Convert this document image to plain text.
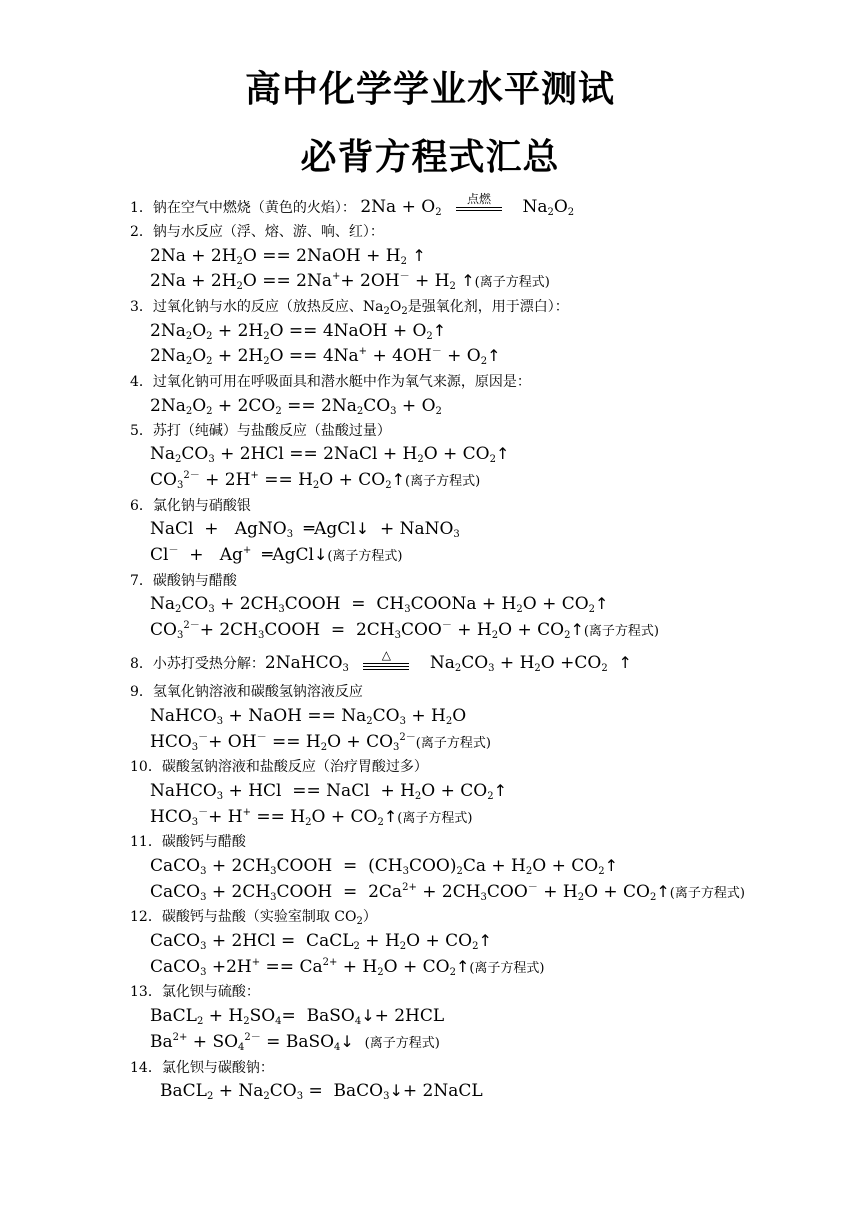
高中化学学业水平测试
必背方程式汇总
1．钠在空气中燃烧（黄色的火焰）： $2Na + O_2$
点燃	$Na_2O_2$
2．钠与水反应（浮、熔、游、响、红）：
$2Na + 2H_2O$ == 2NaOH + $H_2$ ↑
$2Na + 2H_2O == 2Na^++ 2OH^- + H_2$ ↑(离子方程式)
3．过氧化钠与水的反应（放热反应、$Na_2O_2$是强氧化剂，用于漂白）：
$2Na_2O_2 + 2H_2O$ == 4NaOH + $O_2↑$
$2Na_2O_2 + 2H_2O == 4Na^+ + 4OH^-$ + $O_2↑$
4．过氧化钠可用在呼吸面具和潜水艇中作为氧气来源，原因是：
$2Na_2O_2 + 2CO_2 == 2Na_2CO_3 + O_2$
5．苏打（纯碱）与盐酸反应（盐酸过量）
$Na_2CO_3 + 2HCl$ == 2NaCl + $H_2O$ + $CO_2↑$
$CO_3^{2-} + 2H^+ == H_2O$ + $CO_2↑$(离子方程式)
6．氯化钠与硝酸银
NaCl  +   AgNO$_3$  ═AgCl↓  + NaNO$_3$
Cl－  +   Ag+  ═AgCl↓(离子方程式)
7．碳酸钠与醋酸
$Na_2CO_3$ + $2CH_3COOH$  =  $CH_3COONa + H_2O$ + $CO_2↑$
$CO_3^{2-}+$ $2CH_3COOH = 2CH_3COO^- + H_2O$ + $CO_2↑$(离子方程式)
8．小苏打受热分解：2NaHCO$_3$
△	$Na_2CO_3 + H_2O +CO_2$ ↑
9．氢氧化钠溶液和碳酸氢钠溶液反应
NaHCO$_3$ + NaOH == $Na_2CO_3 + H_2O$
$HCO_3^-+ OH^- == H_2O + CO_3^{2-}$(离子方程式)
10．碳酸氢钠溶液和盐酸反应（治疗胃酸过多）
NaHCO$_3$ + HCl  == NaCl  + $H_2O$ + $CO_2↑$
$HCO_3^-+ H^+ == H_2O$ + $CO_2↑$(离子方程式)
11．碳酸钙与醋酸
CaCO$_3$ + $2CH_3COOH = (CH_3COO)_2Ca + H_2O$ + $CO_2↑$
CaCO$_3$ + $2CH_3COOH = 2Ca^{2+} + 2CH_3COO^- + H_2O$ + $CO_2↑$(离子方程式)
12．碳酸钙与盐酸（实验室制取 $CO_2$）
CaCO$_3$ + 2HCl =  CaCL$_2$ + $H_2O$ + $CO_2↑$
CaCO$_3$ $+2H^+ == Ca^{2+} + H_2O$ + $CO_2↑$(离子方程式)
13．氯化钡与硫酸：
BaCL$_2$ + $H_2SO_4=$  BaSO$_4$↓+ 2HCL
$Ba^{2+} + SO_4^{2-}$ = BaSO$_4$↓ (离子方程式)
14．氯化钡与碳酸钠：
BaCL$_2$ + $Na_2CO_3$ =  BaCO$_3$↓+ 2NaCL
